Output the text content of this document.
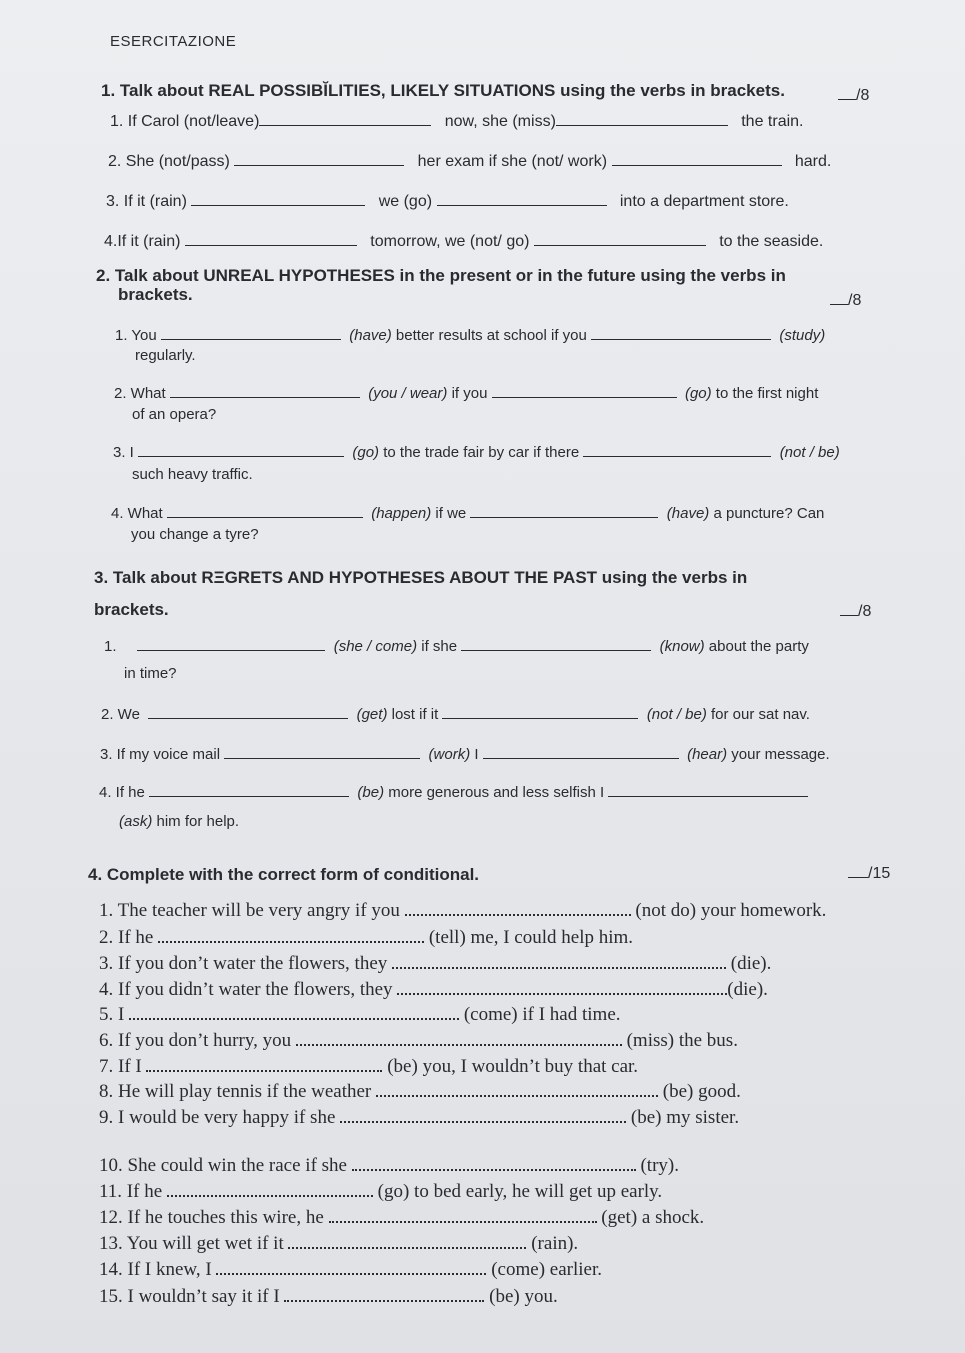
ESERCITAZIONE
1. Talk about REAL POSSIBĬLITIES, LIKELY SITUATIONS using the verbs in brackets.	/8
1. If Carol (not/leave)	now, she (miss)	the train.
2. She (not/pass)	her exam if she (not/ work)	hard.
3. If it (rain)	we (go)	into a department store.
4.If it (rain)	tomorrow, we (not/ go)	to the seaside.
2. Talk about UNREAL HYPOTHESES in the present or in the future using the verbs in
brackets.	/8
1. You	(have) better results at school if you	(study)
regularly.
2. What	(you / wear) if you	(go) to the first night
of an opera?
3. I	(go) to the trade fair by car if there	(not / be)
such heavy traffic.
4. What	(happen) if we	(have) a puncture? Can
you change a tyre?
3. Talk about RΞGRETS AND HYPOTHESES ABOUT THE PAST using the verbs in
brackets.	/8
1.	(she / come) if she	(know) about the party
in time?
2. We	(get) lost if it	(not / be) for our sat nav.
3. If my voice mail	(work) I	(hear) your message.
4. If he	(be) more generous and less selfish I
(ask) him for help.
4. Complete with the correct form of conditional.	/15
1. The teacher will be very angry if you	(not do) your homework.
2. If he	(tell) me, I could help him.
3. If you don’t water the flowers, they	(die).
4. If you didn’t water the flowers, they	(die).
5. I	(come) if I had time.
6. If you don’t hurry, you	(miss) the bus.
7. If I	(be) you, I wouldn’t buy that car.
8. He will play tennis if the weather	(be) good.
9. I would be very happy if she	(be) my sister.
10. She could win the race if she	(try).
11. If he	(go) to bed early, he will get up early.
12. If he touches this wire, he	(get) a shock.
13. You will get wet if it	(rain).
14. If I knew, I	(come) earlier.
15. I wouldn’t say it if I	(be) you.
